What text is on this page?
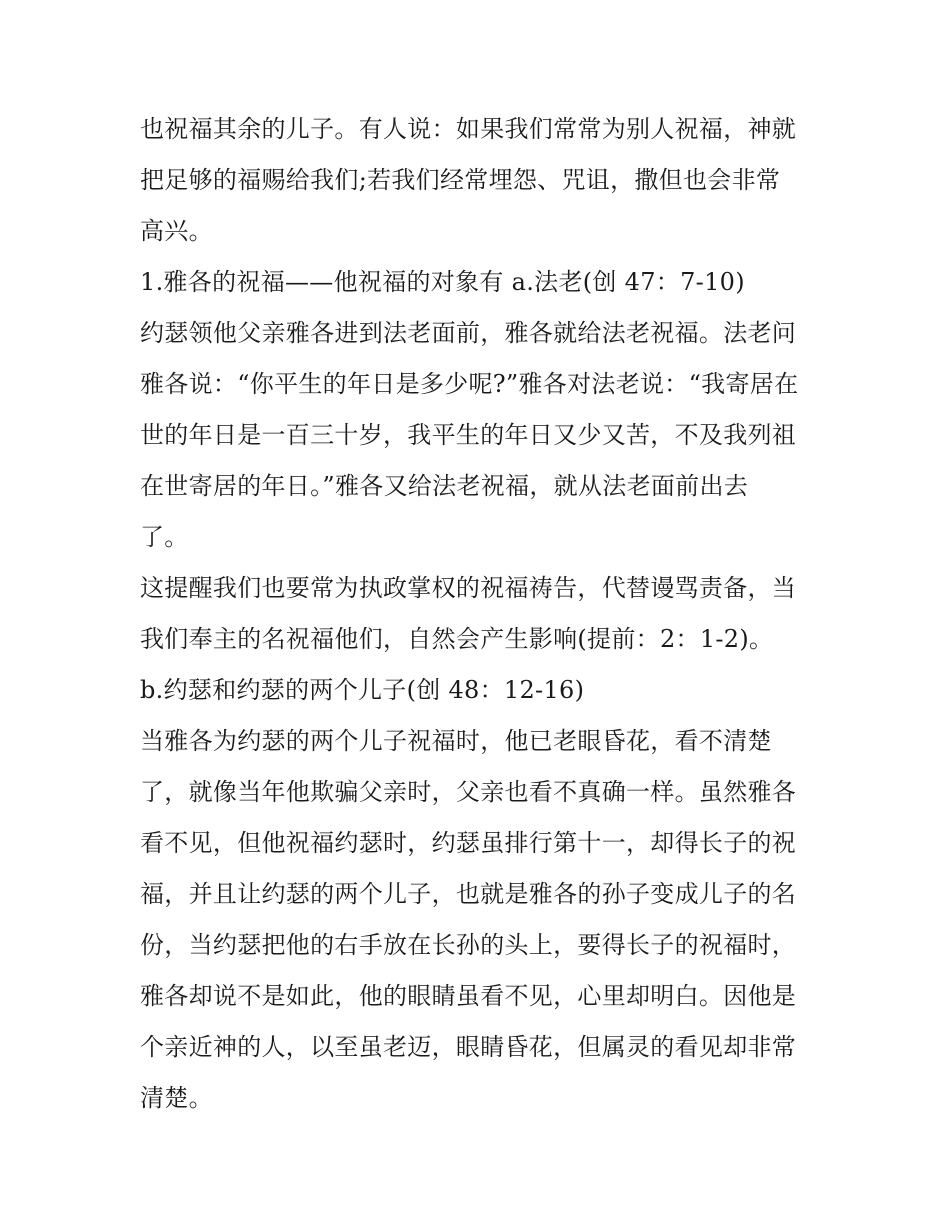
也祝福其余的儿子。有人说：如果我们常常为别人祝福，神就
把足够的福赐给我们;若我们经常埋怨、咒诅，撒但也会非常
高兴。
1.雅各的祝福——他祝福的对象有 a.法老(创 47：7-10)
约瑟领他父亲雅各进到法老面前，雅各就给法老祝福。法老问
雅各说：“你平生的年日是多少呢?”雅各对法老说：“我寄居在
世的年日是一百三十岁，我平生的年日又少又苦，不及我列祖
在世寄居的年日。”雅各又给法老祝福，就从法老面前出去
了。
这提醒我们也要常为执政掌权的祝福祷告，代替谩骂责备，当
我们奉主的名祝福他们，自然会产生影响(提前：2：1-2)。
b.约瑟和约瑟的两个儿子(创 48：12-16)
当雅各为约瑟的两个儿子祝福时，他已老眼昏花，看不清楚
了，就像当年他欺骗父亲时，父亲也看不真确一样。虽然雅各
看不见，但他祝福约瑟时，约瑟虽排行第十一，却得长子的祝
福，并且让约瑟的两个儿子，也就是雅各的孙子变成儿子的名
份，当约瑟把他的右手放在长孙的头上，要得长子的祝福时，
雅各却说不是如此，他的眼睛虽看不见，心里却明白。因他是
个亲近神的人，以至虽老迈，眼睛昏花，但属灵的看见却非常
清楚。
